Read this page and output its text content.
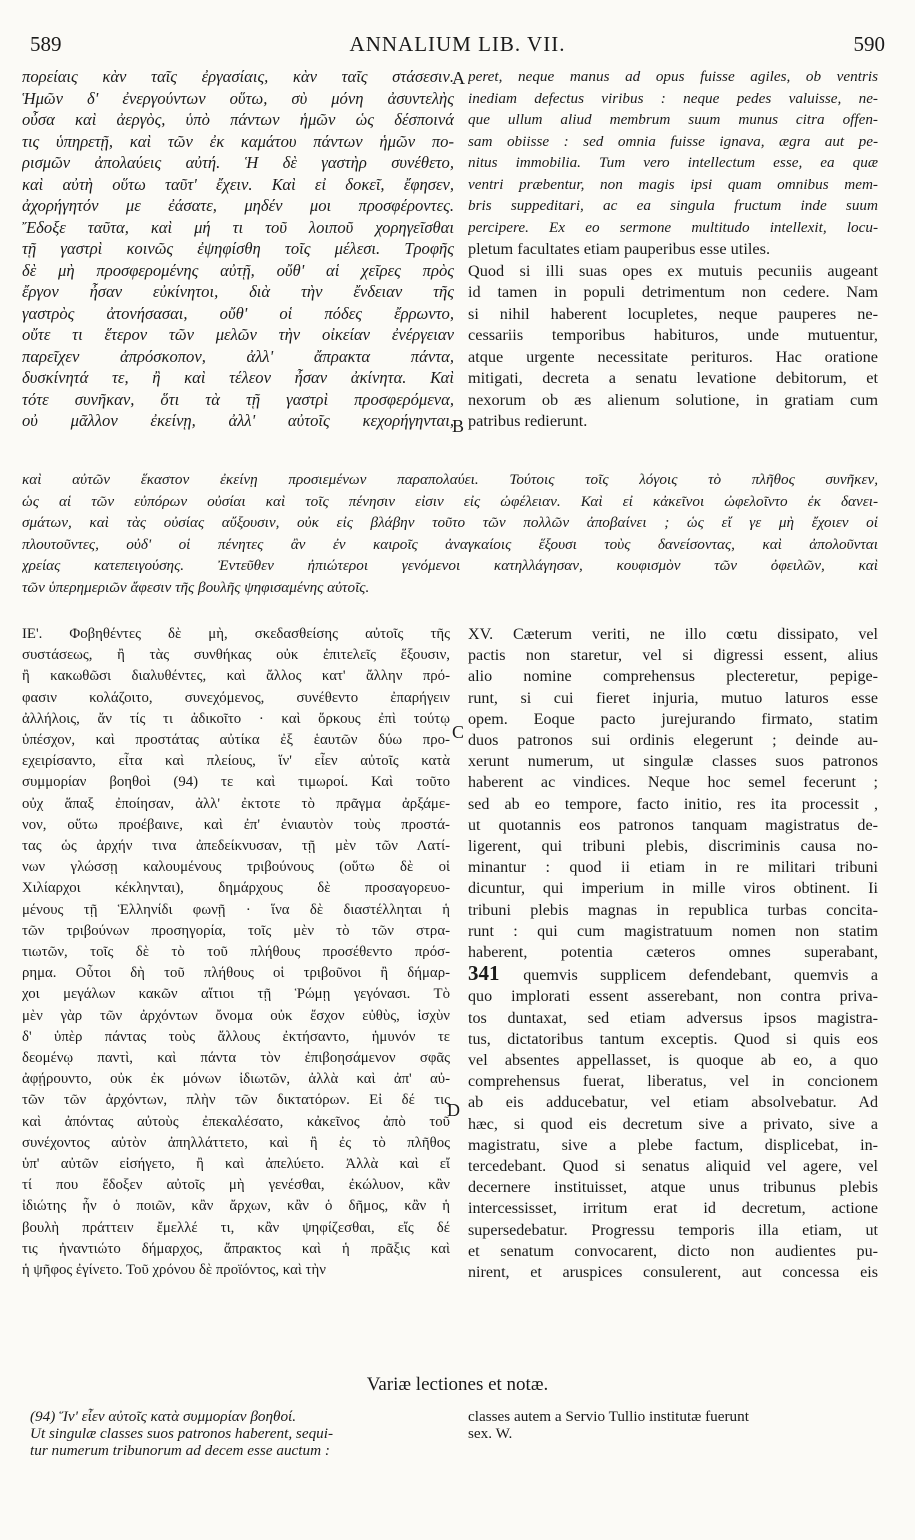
589	ANNALIUM LIB. VII.	590
πορείαις κὰν ταῖς ἐργασίαις, κὰν ταῖς στάσεσιν.
Ἡμῶν δ' ἐνεργούντων οὕτω, σὺ μόνη ἀσυντελὴς
οὖσα καὶ ἀεργὸς, ὑπὸ πάντων ἡμῶν ὡς δέσποινά
τις ὑπηρετῇ, καὶ τῶν ἐκ καμάτου πάντων ἡμῶν πο-
ρισμῶν ἀπολαύεις αὐτή. Ἡ δὲ γαστὴρ συνέθετο,
καὶ αὐτὴ οὕτω ταῦτ' ἔχειν. Καὶ εἰ δοκεῖ, ἔφησεν,
ἀχορήγητόν με ἐάσατε, μηδέν μοι προσφέροντες.
Ἔδοξε ταῦτα, καὶ μή τι τοῦ λοιποῦ χορηγεῖσθαι
τῇ γαστρὶ κοινῶς ἐψηφίσθη τοῖς μέλεσι. Τροφῆς
δὲ μὴ προσφερομένης αὐτῇ, οὔθ' αἱ χεῖρες πρὸς
ἔργον ἦσαν εὐκίνητοι, διὰ τὴν ἔνδειαν τῆς
γαστρὸς ἀτονήσασαι, οὔθ' οἱ πόδες ἔρρωντο,
οὔτε τι ἕτερον τῶν μελῶν τὴν οἰκείαν ἐνέργειαν
παρεῖχεν ἀπρόσκοπον, ἀλλ' ἄπρακτα πάντα,
δυσκίνητά τε, ἢ καὶ τέλεον ἦσαν ἀκίνητα. Καὶ
τότε συνῆκαν, ὅτι τὰ τῇ γαστρὶ προσφερόμενα,
οὐ μᾶλλον ἐκείνῃ, ἀλλ' αὐτοῖς κεχορήγηνται,
A peret, neque manus ad opus fuisse agiles, ob ventris
inediam defectus viribus : neque pedes valuisse, ne-
que ullum aliud membrum suum munus citra offen-
sam obiisse : sed omnia fuisse ignava, ægra aut pe-
nitus immobilia. Tum vero intellectum esse, ea quæ
ventri præbentur, non magis ipsi quam omnibus mem-
bris suppeditari, ac ea singula fructum inde suum
percipere. Ex eo sermone multitudo intellexit, locu-
pletum facultates etiam pauperibus esse utiles.
Quod si illi suas opes ex mutuis pecuniis augeant
id tamen in populi detrimentum non cedere. Nam
si nihil haberent locupletes, neque pauperes ne-
cessariis temporibus habituros, unde mutuentur,
atque urgente necessitate perituros. Hac oratione
mitigati, decreta a senatu levatione debitorum, et
nexorum ob æs alienum solutione, in gratiam cum
patribus redierunt.
B
καὶ αὐτῶν ἕκαστον ἐκείνῃ προσιεμένων παραπολαύει. Τούτοις τοῖς λόγοις τὸ πλῆθος συνῆκεν,
ὡς αἱ τῶν εὐπόρων οὐσίαι καὶ τοῖς πένησιν εἰσιν εἰς ὠφέλειαν. Καὶ εἰ κἀκεῖνοι ὠφελοῖντο ἐκ δανει-
σμάτων, καὶ τὰς οὐσίας αὔξουσιν, οὐκ εἰς βλάβην τοῦτο τῶν πολλῶν ἀποβαίνει ; ὡς εἴ γε μὴ ἔχοιεν οἱ
πλουτοῦντες, οὐδ' οἱ πένητες ἂν ἐν καιροῖς ἀναγκαίοις ἕξουσι τοὺς δανείσοντας, καὶ ἀπολοῦνται
χρείας κατεπειγούσης. Ἐντεῦθεν ἠπιώτεροι γενόμενοι κατηλλάγησαν, κουφισμὸν τῶν ὀφειλῶν, καὶ
τῶν ὑπερημεριῶν ἄφεσιν τῆς βουλῆς ψηφισαμένης αὐτοῖς.
ΙΕ'. Φοβηθέντες δὲ μὴ, σκεδασθείσης αὐτοῖς τῆς
συστάσεως, ἢ τὰς συνθήκας οὐκ ἐπιτελεῖς ἕξουσιν,
ἢ κακωθῶσι διαλυθέντες, καὶ ἄλλος κατ' ἄλλην πρό-
φασιν κολάζοιτο, συνεχόμενος, συνέθεντο ἐπαρήγειν
ἀλλήλοις, ἄν τίς τι ἀδικοῖτο · καὶ ὅρκους ἐπὶ τούτῳ
ὑπέσχον, καὶ προστάτας αὐτίκα ἐξ ἑαυτῶν δύω προ-
εχειρίσαντο, εἶτα καὶ πλείους, ἵν' εἶεν αὐτοῖς κατὰ
συμμορίαν βοηθοὶ (94) τε καὶ τιμωροί. Καὶ τοῦτο
οὐχ ἅπαξ ἐποίησαν, ἀλλ' ἐκτοτε τὸ πρᾶγμα ἀρξάμε-
νον, οὕτω προέβαινε, καὶ ἐπ' ἐνιαυτὸν τοὺς προστά-
τας ὡς ἀρχήν τινα ἀπεδείκνυσαν, τῇ μὲν τῶν Λατί-
νων γλώσσῃ καλουμένους τριβούνους (οὕτω δὲ οἱ
Χιλίαρχοι κέκληνται), δημάρχους δὲ προσαγορευο-
μένους τῇ Ἑλληνίδι φωνῇ · ἵνα δὲ διαστέλληται ἡ
τῶν τριβούνων προσηγορία, τοῖς μὲν τὸ τῶν στρα-
τιωτῶν, τοῖς δὲ τὸ τοῦ πλήθους προσέθεντο πρόσ-
ρημα. Οὗτοι δὴ τοῦ πλήθους οἱ τριβοῦνοι ἢ δήμαρ-
χοι μεγάλων κακῶν αἴτιοι τῇ Ῥώμῃ γεγόνασι. Τὸ
μὲν γὰρ τῶν ἀρχόντων ὄνομα οὐκ ἔσχον εὐθὺς, ἰσχὺν
δ' ὑπὲρ πάντας τοὺς ἄλλους ἐκτήσαντο, ἡμυνόν τε
δεομένῳ παντὶ, καὶ πάντα τὸν ἐπιβοησάμενον σφᾶς
ἀφῄρουντο, οὐκ ἐκ μόνων ἰδιωτῶν, ἀλλὰ καὶ ἀπ' αὐ-
τῶν τῶν ἀρχόντων, πλὴν τῶν δικτατόρων. Εἰ δέ τις
καὶ ἀπόντας αὐτοὺς ἐπεκαλέσατο, κἀκεῖνος ἀπὸ τοῦ
συνέχοντος αὐτὸν ἀπηλλάττετο, καὶ ἢ ἐς τὸ πλῆθος
ὑπ' αὐτῶν εἰσήγετο, ἢ καὶ ἀπελύετο. Ἀλλὰ καὶ εἴ
τί που ἔδοξεν αὐτοῖς μὴ γενέσθαι, ἐκώλυον, κἂν
ἰδιώτης ἦν ὁ ποιῶν, κἂν ἄρχων, κἂν ὁ δῆμος, κἂν ἡ
βουλὴ πράττειν ἔμελλέ τι, κἂν ψηφίζεσθαι, εἴς δέ
τις ἠναντιώτο δήμαρχος, ἄπρακτος καὶ ἡ πρᾶξις καὶ
ἡ ψῆφος ἐγίνετο. Τοῦ χρόνου δὲ προϊόντος, καὶ τὴν
C
D
XV. Cæterum veriti, ne illo cœtu dissipato, vel
pactis non staretur, vel si digressi essent, alius
alio nomine comprehensus plecteretur, pepige-
runt, si cui fieret injuria, mutuo laturos esse
opem. Eoque pacto jurejurando firmato, statim
duos patronos sui ordinis elegerunt ; deinde au-
xerunt numerum, ut singulæ classes suos patronos
haberent ac vindices. Neque hoc semel fecerunt ;
sed ab eo tempore, facto initio, res ita processit ,
ut quotannis eos patronos tanquam magistratus de-
ligerent, qui tribuni plebis, discriminis causa no-
minantur : quod ii etiam in re militari tribuni
dicuntur, qui imperium in mille viros obtinent. Ii
tribuni plebis magnas in republica turbas concita-
runt : qui cum magistratuum nomen non statim
haberent, potentia cæteros omnes superabant,
341 quemvis supplicem defendebant, quemvis a
quo implorati essent asserebant, non contra priva-
tos duntaxat, sed etiam adversus ipsos magistra-
tus, dictatoribus tantum exceptis. Quod si quis eos
vel absentes appellasset, is quoque ab eo, a quo
comprehensus fuerat, liberatus, vel in concionem
ab eis adducebatur, vel etiam absolvebatur. Ad
hæc, si quod eis decretum sive a privato, sive a
magistratu, sive a plebe factum, displicebat, in-
tercedebant. Quod si senatus aliquid vel agere, vel
decernere instituisset, atque unus tribunus plebis
intercessisset, irritum erat id decretum, actione
supersedebatur. Progressu temporis illa etiam, ut
et senatum convocarent, dicto non audientes pu-
nirent, et aruspices consulerent, aut concessa eis
Variæ lectiones et notæ.
(94) Ἵν' εἶεν αὐτοῖς κατὰ συμμορίαν βοηθοί.
Ut singulæ classes suos patronos haberent, sequi-
tur numerum tribunorum ad decem esse auctum :
classes autem a Servio Tullio institutæ fuerunt
sex. W.
